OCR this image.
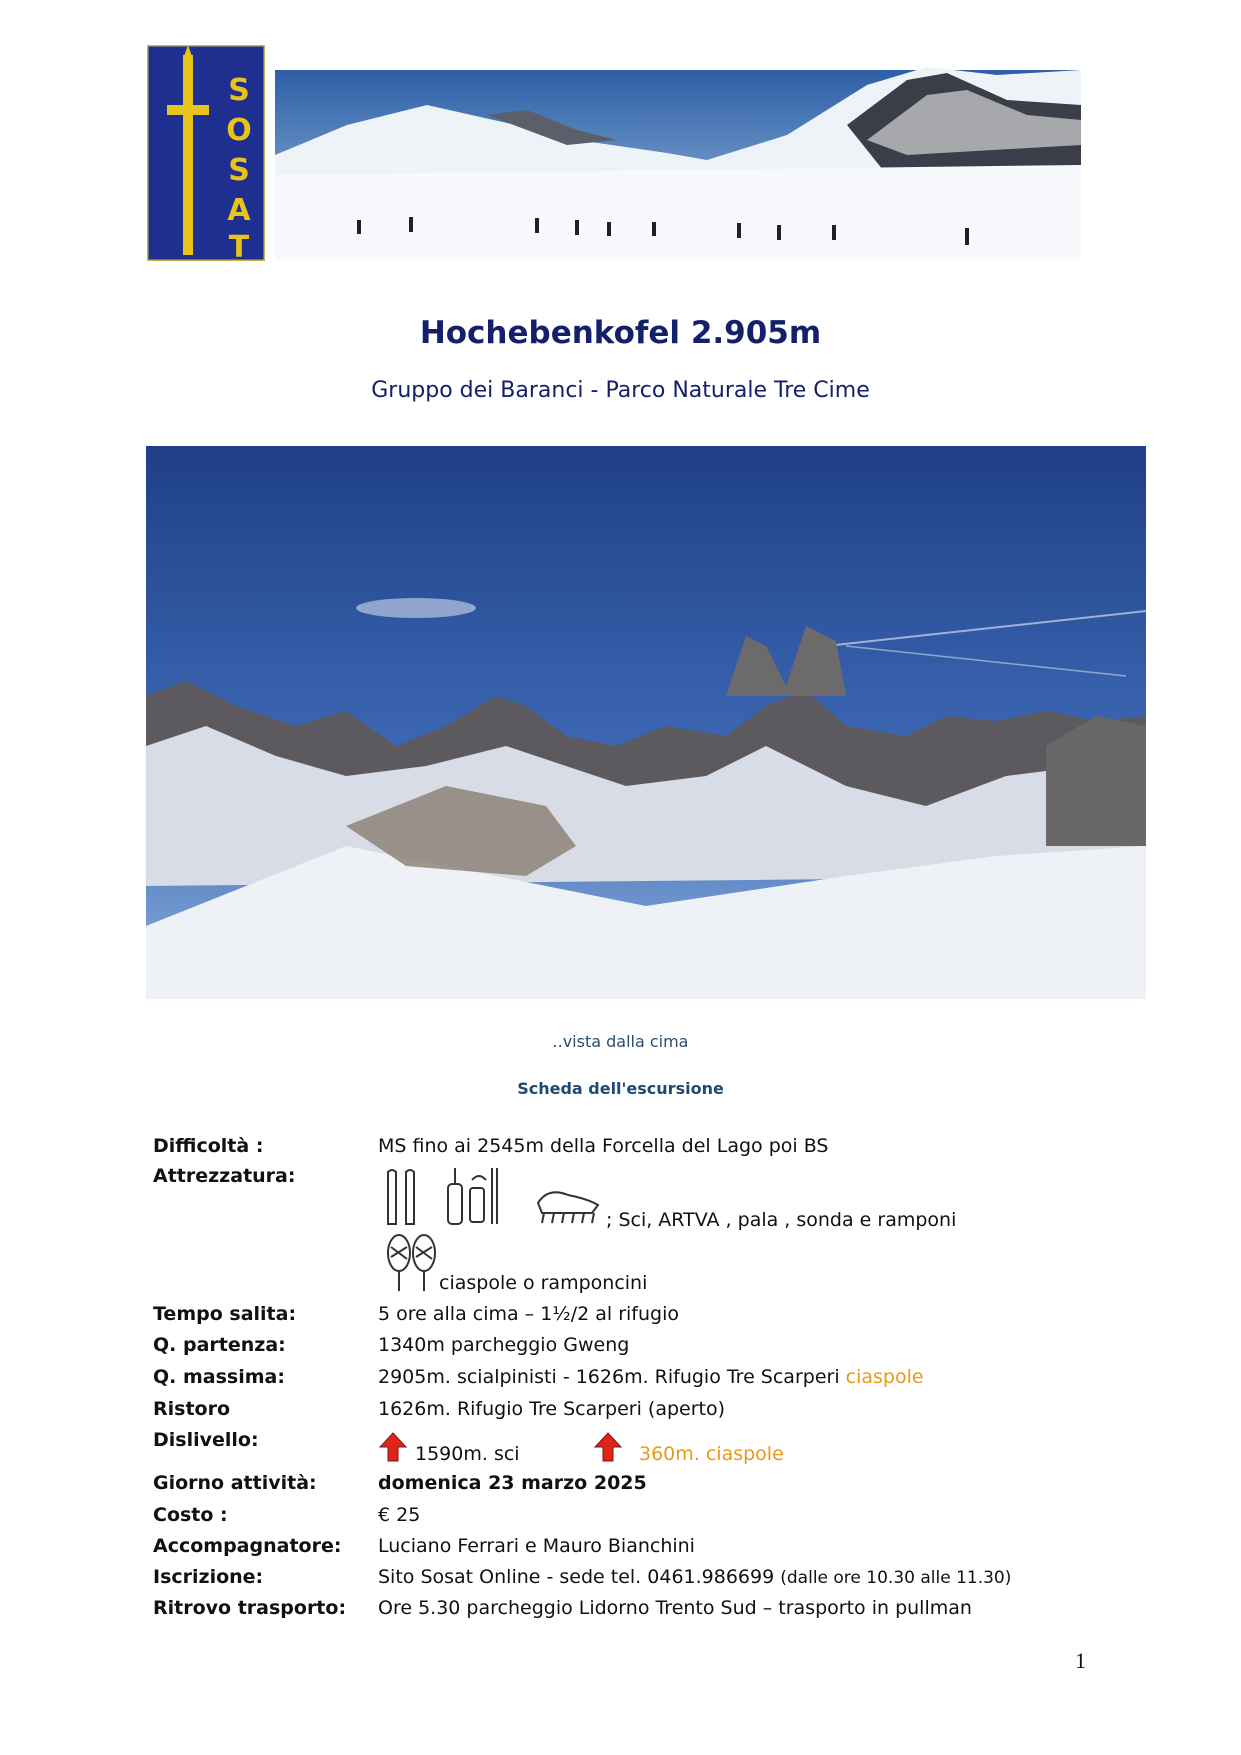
S
O
S
A
T
Hochebenkofel 2.905m
Gruppo dei Baranci - Parco Naturale Tre Cime
..vista dalla cima
Scheda dell'escursione
Difficoltà :	MS fino ai 2545m della Forcella del Lago poi BS
Attrezzatura:
; Sci, ARTVA , pala , sonda e ramponi
ciaspole o ramponcini
Tempo salita:	5 ore alla cima – 1½/2 al rifugio
Q. partenza:	1340m parcheggio Gweng
Q. massima:	2905m. scialpinisti - 1626m. Rifugio Tre Scarperi ciaspole
Ristoro	1626m. Rifugio Tre Scarperi (aperto)
Dislivello:
1590m. sci	360m. ciaspole
Giorno attività:	domenica 23 marzo 2025
Costo :	€ 25
Accompagnatore: Luciano Ferrari e Mauro Bianchini
Iscrizione:	Sito Sosat Online - sede tel. 0461.986699 (dalle ore 10.30 alle 11.30)
Ritrovo trasporto: Ore 5.30 parcheggio Lidorno Trento Sud – trasporto in pullman
1
